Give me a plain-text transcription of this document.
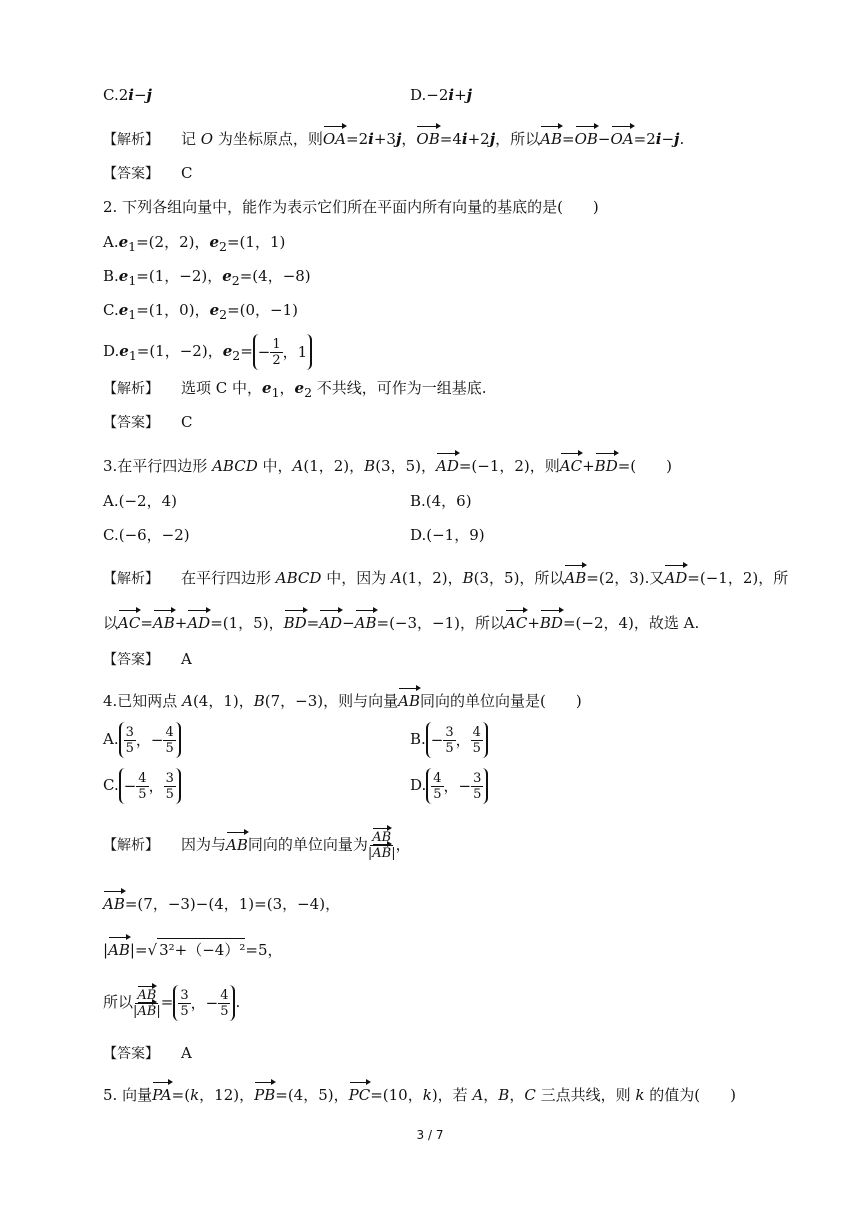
C.2i−j	D.−2i+j
【解析】 记 O 为坐标原点，则OA=2i+3j，OB=4i+2j，所以AB=OB−OA=2i−j.
【答案】 C
2. 下列各组向量中，能作为表示它们所在平面内所有向量的基底的是(　　)
$A.e_1=(2$，2)，$e_2=(1$，1)
$B.e_1=(1$，−2)，$e_2=(4$，−8)
$C.e_1=(1$，0)，$e_2=(0$，−1)
$D.e_1=(1$，−2)，$e_2= - \frac{1}{2}$ ，1
【解析】 选项 C 中，$e_1$，$e_2$ 不共线，可作为一组基底.
【答案】 C
3.在平行四边形 ABCD 中，A(1，2)，B(3，5)，AD=(−1，2)，则AC+BD=(　　)
A.(−2，4)	B.(4，6)
C.(−6，−2)	D.(−1，9)
【解析】 在平行四边形 ABCD 中，因为 A(1，2)，B(3，5)，所以AB=(2，3).又AD=(−1，2)，所
以AC=AB+AD=(1，5)，BD=AD−AB=(−3，−1)，所以AC+BD=(−2，4)，故选 A.
【答案】 A
4.已知两点 A(4，1)，B(7，−3)，则与向量AB同向的单位向量是(　　)
A. $\frac{3}{5}$ ，− $\frac{4}{5}$	B. − $\frac{3}{5}$ ， $\frac{4}{5}$
C. − $\frac{4}{5}$ ， $\frac{3}{5}$	D. $\frac{4}{5}$ ，− $\frac{3}{5}$
【解析】 因为与AB同向的单位向量为 $\frac{AB}{|AB|}$ ，
AB=(7，−3)−(4，1)=(3，−4)，
|AB|=√ 3²+（−4）²=5，
所以 $\frac{AB}{|AB|} = \frac{3}{5}$ ，− $\frac{4}{5}$ .
【答案】 A
5. 向量PA=(k，12)，PB=(4，5)，PC=(10，k)，若 A，B，C 三点共线，则 k 的值为(　　)
3 / 7
